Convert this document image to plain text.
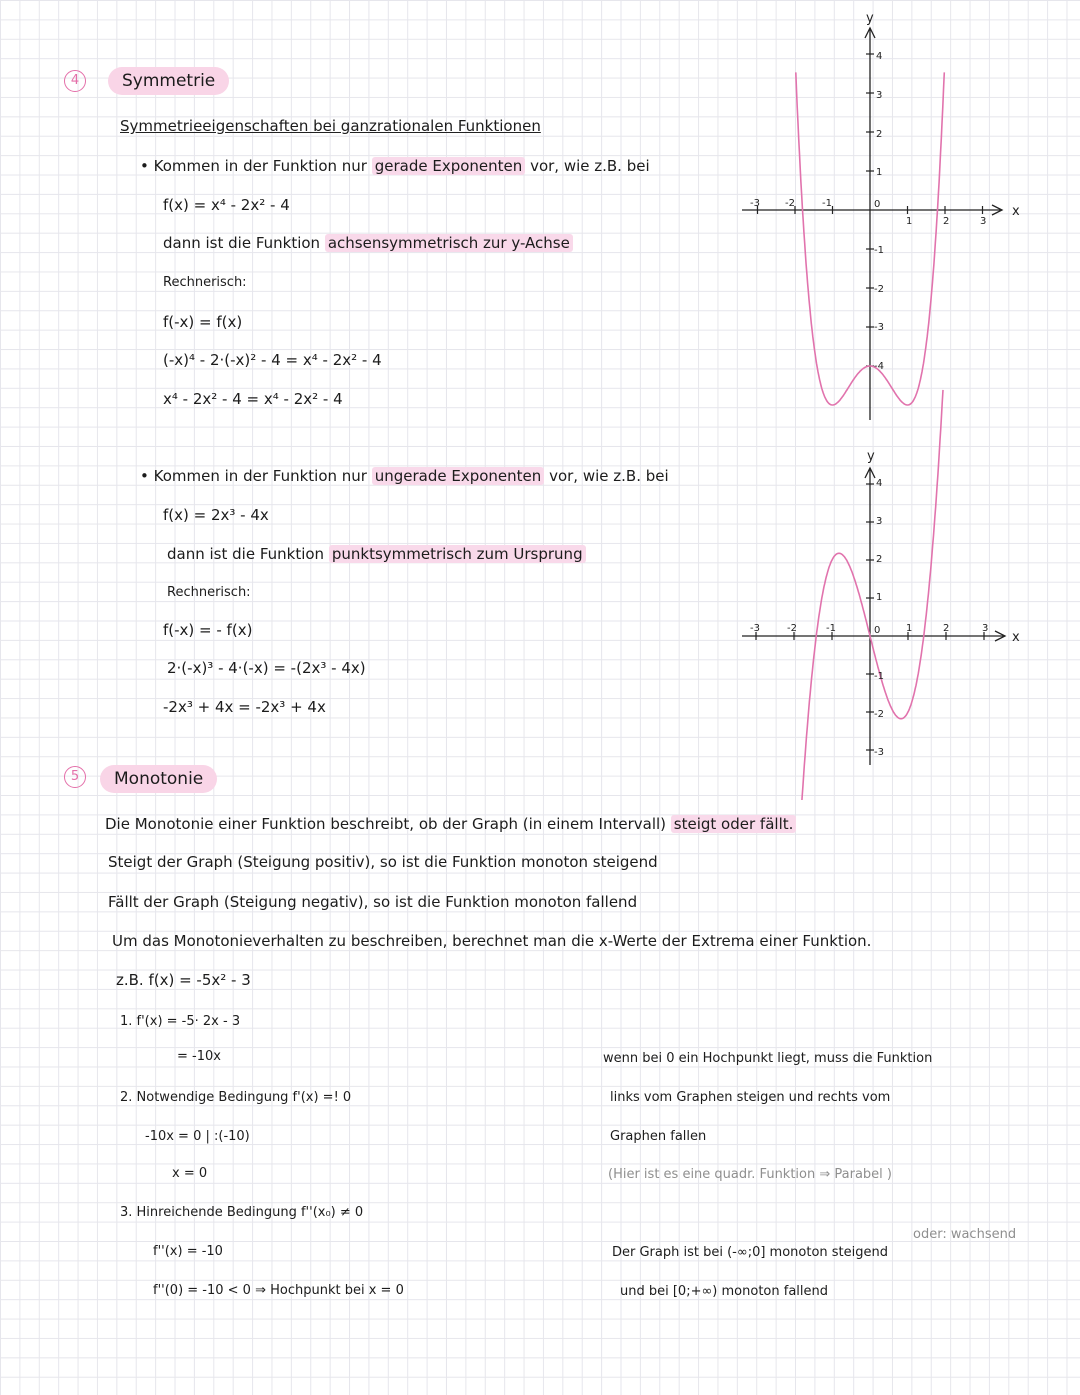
4	Symmetrie
Symmetrieeigenschaften bei ganzrationalen Funktionen
• Kommen in der Funktion nur gerade Exponenten vor, wie z.B. bei
f(x) = x⁴ - 2x² - 4
dann ist die Funktion achsensymmetrisch zur y-Achse
Rechnerisch:
f(-x) = f(x)
(-x)⁴ - 2·(-x)² - 4 = x⁴ - 2x² - 4
x⁴ - 2x² - 4 = x⁴ - 2x² - 4
• Kommen in der Funktion nur ungerade Exponenten vor, wie z.B. bei
f(x) = 2x³ - 4x
dann ist die Funktion punktsymmetrisch zum Ursprung
Rechnerisch:
f(-x) = - f(x)
2·(-x)³ - 4·(-x) = -(2x³ - 4x)
-2x³ + 4x = -2x³ + 4x
y
x
0
-3	-2	-1
1	2	3
4
3
2
1
-1
-2
-3
-4
y
x
0
-3	-2	-1	1	2	3
4
3
2
1
-1
-2
-3
5	Monotonie
Die Monotonie einer Funktion beschreibt, ob der Graph (in einem Intervall) steigt oder fällt.
Steigt der Graph (Steigung positiv), so ist die Funktion monoton steigend
Fällt der Graph (Steigung negativ), so ist die Funktion monoton fallend
Um das Monotonieverhalten zu beschreiben, berechnet man die x-Werte der Extrema einer Funktion.
z.B. f(x) = -5x² - 3
1. f'(x) = -5· 2x - 3
= -10x
2. Notwendige Bedingung f'(x) =! 0
-10x = 0 | :(-10)
x = 0
3. Hinreichende Bedingung f''(x₀) ≠ 0
f''(x) = -10
f''(0) = -10 < 0 ⇒ Hochpunkt bei x = 0
wenn bei 0 ein Hochpunkt liegt, muss die Funktion
links vom Graphen steigen und rechts vom
Graphen fallen
(Hier ist es eine quadr. Funktion ⇒ Parabel )
oder: wachsend
Der Graph ist bei (-∞;0] monoton steigend
und bei [0;+∞) monoton fallend
